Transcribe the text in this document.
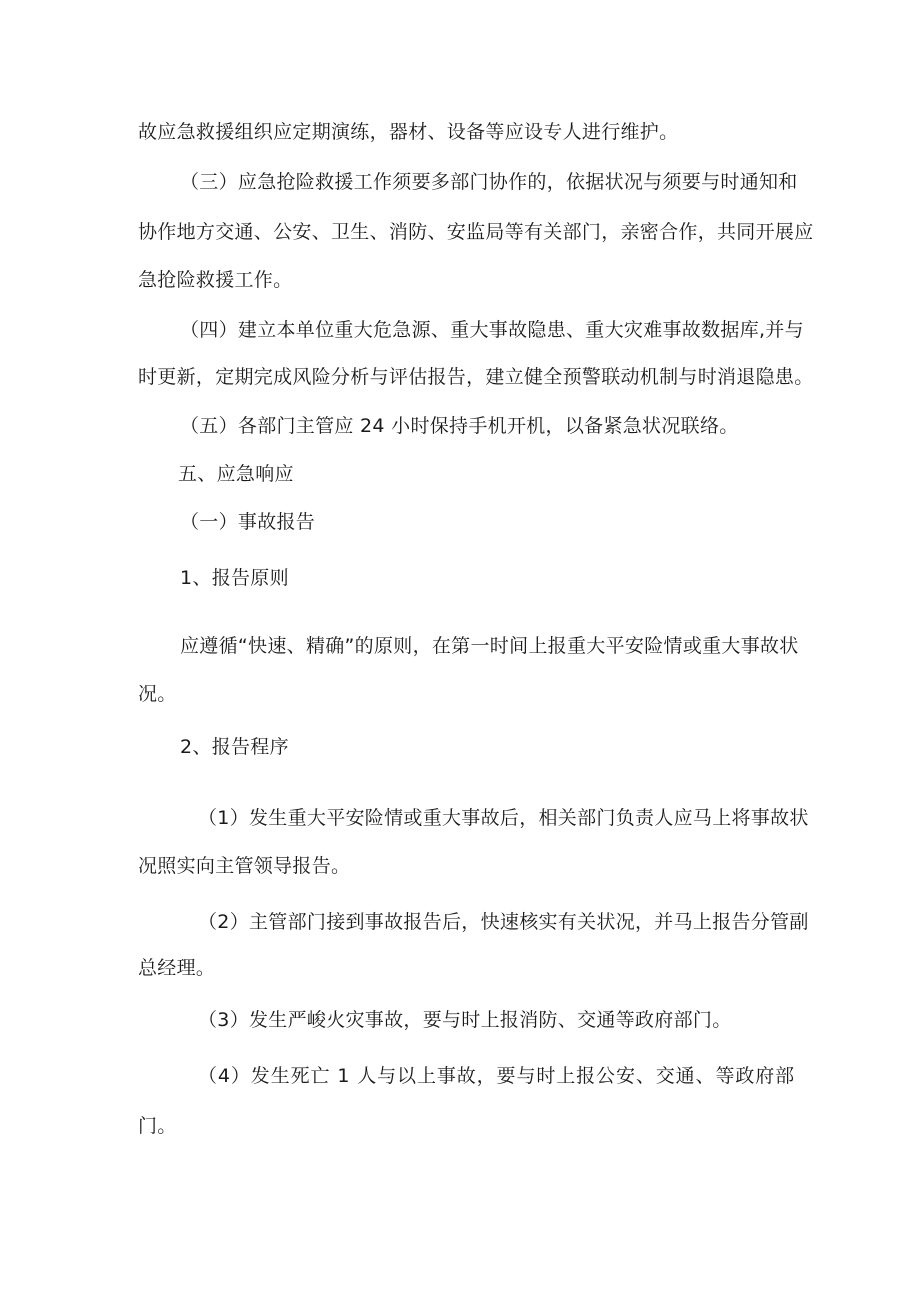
故应急救援组织应定期演练，器材、设备等应设专人进行维护。
（三）应急抢险救援工作须要多部门协作的，依据状况与须要与时通知和
协作地方交通、公安、卫生、消防、安监局等有关部门，亲密合作，共同开展应
急抢险救援工作。
（四）建立本单位重大危急源、重大事故隐患、重大灾难事故数据库,并与
时更新，定期完成风险分析与评估报告，建立健全预警联动机制与时消退隐患。
（五）各部门主管应 24 小时保持手机开机，以备紧急状况联络。
五、应急响应
（一）事故报告
1、报告原则
应遵循“快速、精确”的原则，在第一时间上报重大平安险情或重大事故状
况。
2、报告程序
（1）发生重大平安险情或重大事故后，相关部门负责人应马上将事故状
况照实向主管领导报告。
（2）主管部门接到事故报告后，快速核实有关状况，并马上报告分管副
总经理。
（3）发生严峻火灾事故，要与时上报消防、交通等政府部门。
（4）发生死亡 1 人与以上事故，要与时上报公安、交通、等政府部
门。
